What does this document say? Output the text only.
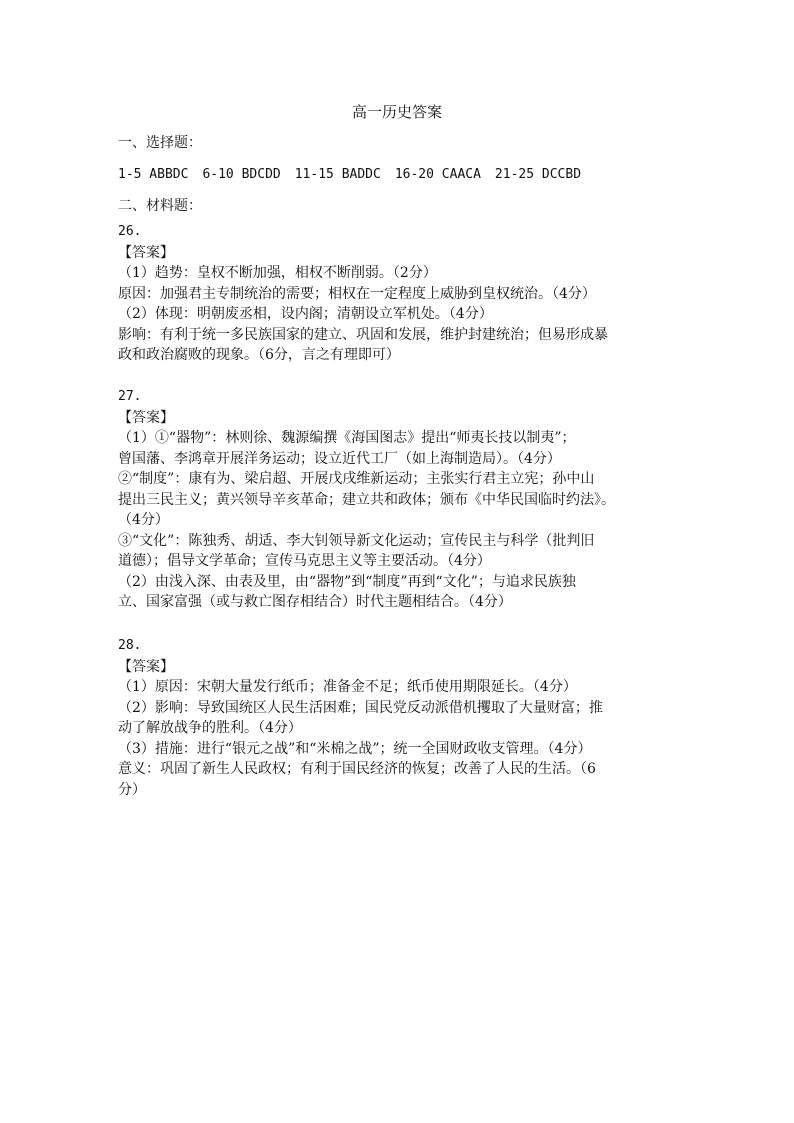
高一历史答案
一、选择题：
1-5 ABBDC 6-10 BDCDD 11-15 BADDC 16-20 CAACA 21-25 DCCBD
二、材料题：
26.
【答案】
（1）趋势：皇权不断加强，相权不断削弱。（2分）
原因：加强君主专制统治的需要；相权在一定程度上威胁到皇权统治。（4分）
（2）体现：明朝废丞相，设内阁；清朝设立军机处。（4分）
影响：有利于统一多民族国家的建立、巩固和发展，维护封建统治；但易形成暴
政和政治腐败的现象。（6分，言之有理即可）
27.
【答案】
（1）①“器物”：林则徐、魏源编撰《海国图志》提出“师夷长技以制夷”；
曾国藩、李鸿章开展洋务运动；设立近代工厂（如上海制造局）。（4分）
②“制度”：康有为、梁启超、开展戊戌维新运动；主张实行君主立宪；孙中山
提出三民主义；黄兴领导辛亥革命；建立共和政体；颁布《中华民国临时约法》。
（4分）
③“文化”：陈独秀、胡适、李大钊领导新文化运动；宣传民主与科学（批判旧
道德）；倡导文学革命；宣传马克思主义等主要活动。（4分）
（2）由浅入深、由表及里，由“器物”到“制度”再到“文化”；与追求民族独
立、国家富强（或与救亡图存相结合）时代主题相结合。（4分）
28.
【答案】
（1）原因：宋朝大量发行纸币；准备金不足；纸币使用期限延长。（4分）
（2）影响：导致国统区人民生活困难；国民党反动派借机攫取了大量财富；推
动了解放战争的胜利。（4分）
（3）措施：进行“银元之战”和“米棉之战”；统一全国财政收支管理。（4分）
意义：巩固了新生人民政权；有利于国民经济的恢复；改善了人民的生活。（6
分）
